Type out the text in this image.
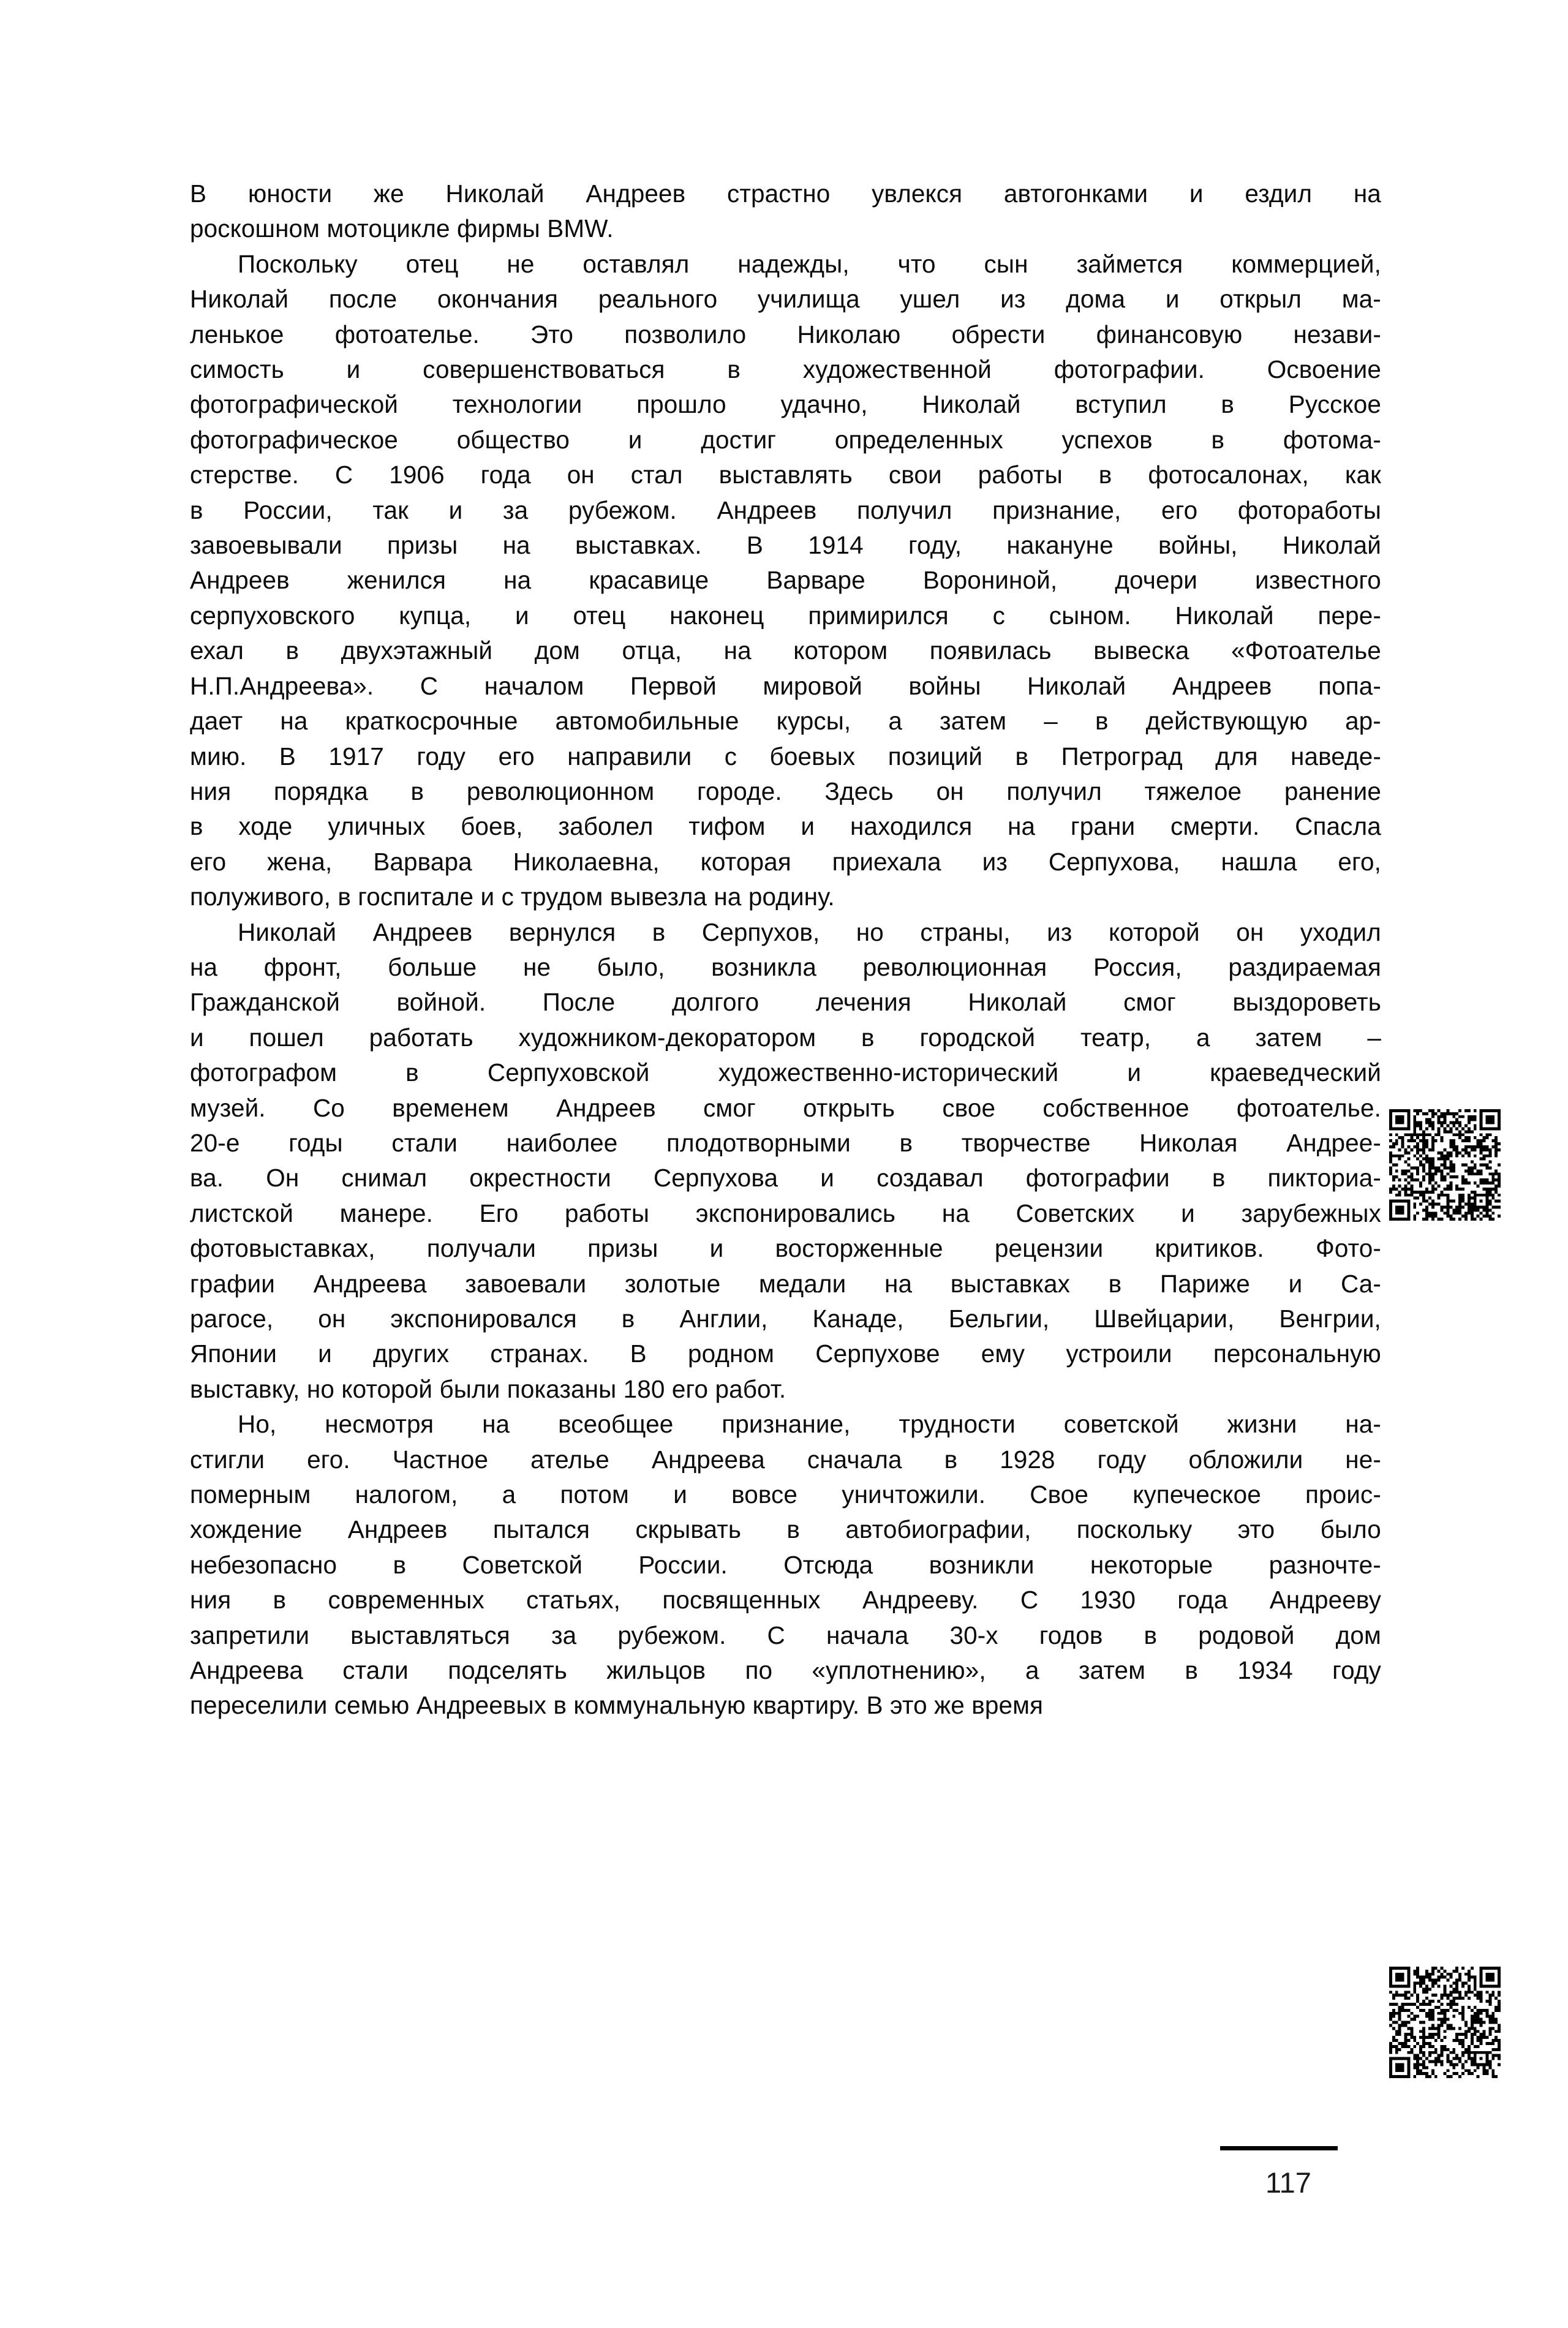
В юности же Николай Андреев страстно увлекся автогонками и ездил на
роскошном мотоцикле фирмы BMW.
Поскольку отец не оставлял надежды, что сын займется коммерцией,
Николай после окончания реального училища ушел из дома и открыл ма-
ленькое фотоателье. Это позволило Николаю обрести финансовую незави-
симость	и	совершенствоваться	в	художественной	фотографии.	Освоение
фотографической технологии прошло удачно, Николай вступил в Русское
фотографическое общество и достиг определенных успехов в фотома-
стерстве. С 1906 года он стал выставлять свои работы в фотосалонах, как
в России, так и за рубежом. Андреев получил признание, его фотоработы
завоевывали призы на выставках. В 1914 году, накануне войны, Николай
Андреев женился на красавице Варваре Ворониной, дочери известного
серпуховского купца, и отец наконец примирился с сыном. Николай пере-
ехал в двухэтажный дом отца, на котором появилась вывеска «Фотоателье
Н.П.Андреева». С началом Первой мировой войны Николай Андреев попа-
дает на краткосрочные автомобильные курсы, а затем – в действующую ар-
мию. В 1917 году его направили с боевых позиций в Петроград для наведе-
ния порядка в революционном городе. Здесь он получил тяжелое ранение
в ходе уличных боев, заболел тифом и находился на грани смерти. Спасла
его жена, Варвара Николаевна, которая приехала из Серпухова, нашла его,
полуживого, в госпитале и с трудом вывезла на родину.
Николай Андреев вернулся в Серпухов, но страны, из которой он уходил
на фронт, больше не было, возникла революционная Россия, раздираемая
Гражданской войной. После долгого лечения Николай смог выздороветь
и пошел работать художником-декоратором в городской театр, а затем –
фотографом	в	Серпуховской	художественно-исторический	и	краеведческий
музей. Со временем Андреев смог открыть свое собственное фотоателье.
20-е годы стали наиболее плодотворными в творчестве Николая Андрее-
ва. Он снимал окрестности Серпухова и создавал фотографии в пикториа-
листской манере. Его работы экспонировались на Советских и зарубежных
фотовыставках, получали призы и восторженные рецензии критиков. Фото-
графии Андреева завоевали золотые медали на выставках в Париже и Са-
рагосе, он экспонировался в Англии, Канаде, Бельгии, Швейцарии, Венгрии,
Японии и других странах. В родном Серпухове ему устроили персональную
выставку, но которой были показаны 180 его работ.
Но, несмотря на всеобщее признание, трудности советской жизни на-
стигли его. Частное ателье Андреева сначала в 1928 году обложили не-
померным налогом, а потом и вовсе уничтожили. Свое купеческое проис-
хождение Андреев пытался скрывать в автобиографии, поскольку это было
небезопасно в Советской России. Отсюда возникли некоторые разночте-
ния в современных статьях, посвященных Андрееву. С 1930 года Андрееву
запретили выставляться за рубежом. С начала 30-х годов в родовой дом
Андреева стали подселять жильцов по «уплотнению», а затем в 1934 году
переселили семью Андреевых в коммунальную квартиру. В это же время
117
